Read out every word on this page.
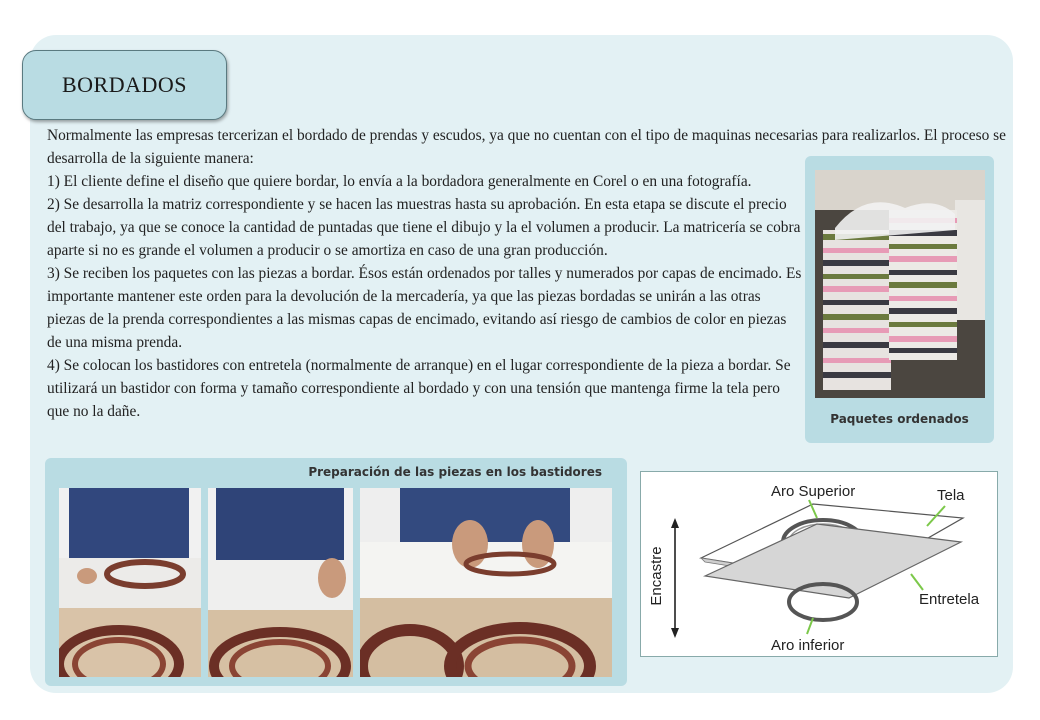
BORDADOS

Normalmente las empresas tercerizan el bordado de prendas y escudos, ya que no cuentan con el tipo de maquinas necesarias para realizarlos. El proceso se desarrolla de la siguiente manera:

1) El cliente define el diseño que quiere bordar, lo envía a la bordadora generalmente en Corel o en una fotografía.

2) Se desarrolla la matriz correspondiente y se hacen las muestras hasta su aprobación. En esta etapa se discute el precio del trabajo, ya que se conoce la cantidad de puntadas que tiene el dibujo y la el volumen a producir. La matricería se cobra aparte si no es grande el volumen a producir o se amortiza en caso de una gran producción.

3) Se reciben los paquetes con las piezas a bordar. Ésos están ordenados por talles y numerados por capas de encimado. Es importante mantener este orden para la devolución de la mercadería, ya que las piezas bordadas se unirán a las otras piezas de la prenda correspondientes a las mismas capas de encimado, evitando así riesgo de cambios de color en piezas de una misma prenda.

4) Se colocan los bastidores con entretela (normalmente de arranque) en el lugar correspondiente de la pieza a bordar. Se utilizará un bastidor con forma y tamaño correspondiente al bordado y con una tensión que mantenga firme la tela pero que no la dañe.	Paquetes ordenados
Preparación de las piezas en los bastidores
Encastre
Aro Superior	Tela
Entretela
Aro inferior
